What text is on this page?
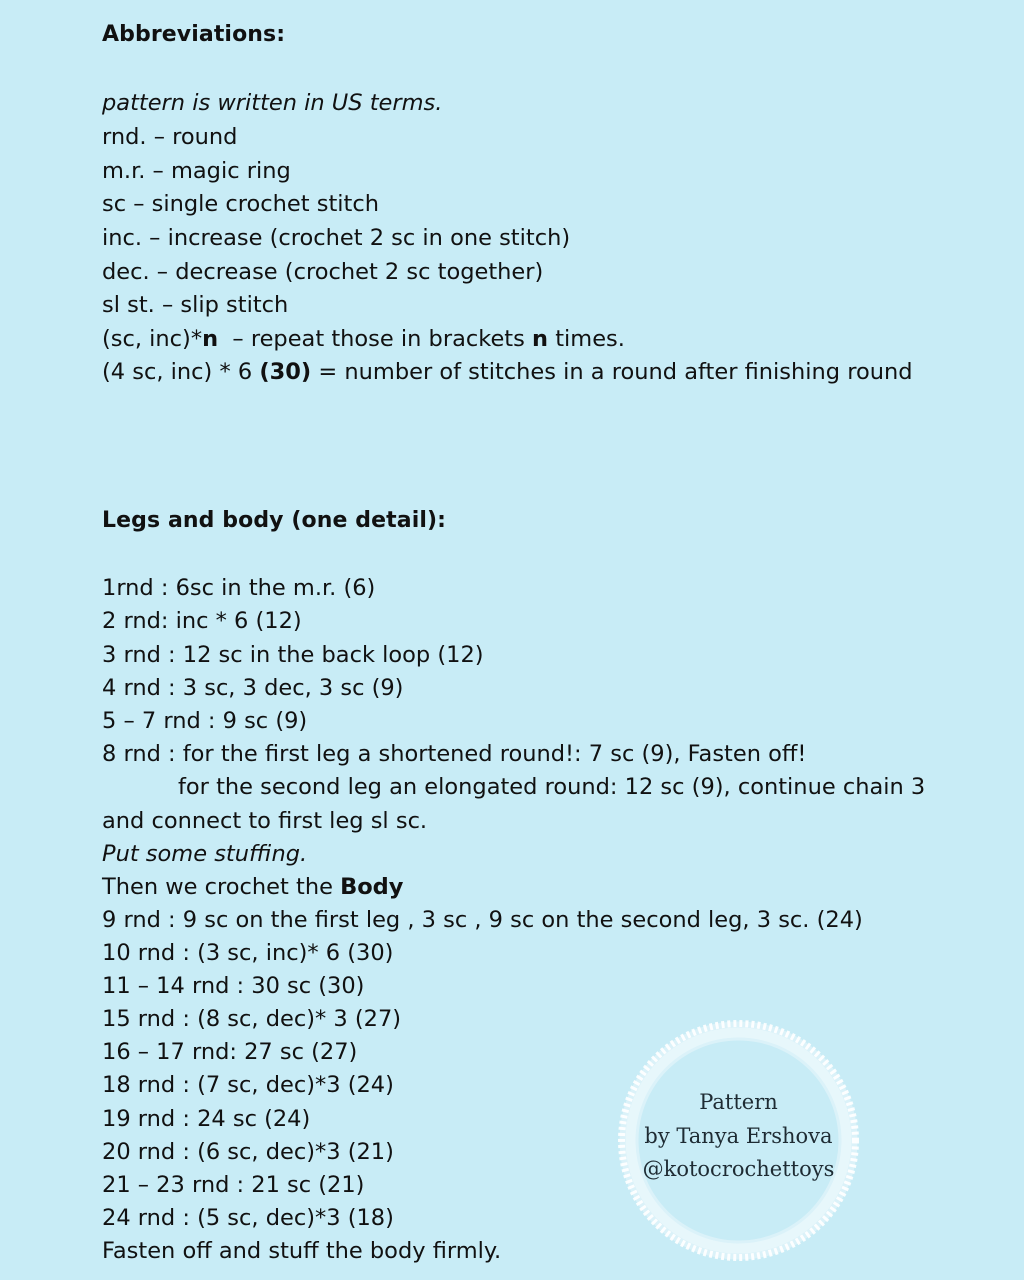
Abbreviations:
pattern is written in US terms.
rnd. – round
m.r. – magic ring
sc – single crochet stitch
inc. – increase (crochet 2 sc in one stitch)
dec. – decrease (crochet 2 sc together)
sl st. – slip stitch
(sc, inc)*n  – repeat those in brackets n times.
(4 sc, inc) * 6 (30) = number of stitches in a round after finishing round
Legs and body (one detail):
1rnd : 6sc in the m.r. (6)
2 rnd: inc * 6 (12)
3 rnd : 12 sc in the back loop (12)
4 rnd : 3 sc, 3 dec, 3 sc (9)
5 – 7 rnd : 9 sc (9)
8 rnd : for the first leg a shortened round!: 7 sc (9), Fasten off!
for the second leg an elongated round: 12 sc (9), continue chain 3
and connect to first leg sl sc.
Put some stuffing.
Then we crochet the Body
9 rnd : 9 sc on the first leg , 3 sc , 9 sc on the second leg, 3 sc. (24)
10 rnd : (3 sc, inc)* 6 (30)
11 – 14 rnd : 30 sc (30)
15 rnd : (8 sc, dec)* 3 (27)
16 – 17 rnd: 27 sc (27)
18 rnd : (7 sc, dec)*3 (24)
19 rnd : 24 sc (24)
20 rnd : (6 sc, dec)*3 (21)
21 – 23 rnd : 21 sc (21)
24 rnd : (5 sc, dec)*3 (18)
Fasten off and stuff the body firmly.
Pattern
by Tanya Ershova
@kotocrochettoys
